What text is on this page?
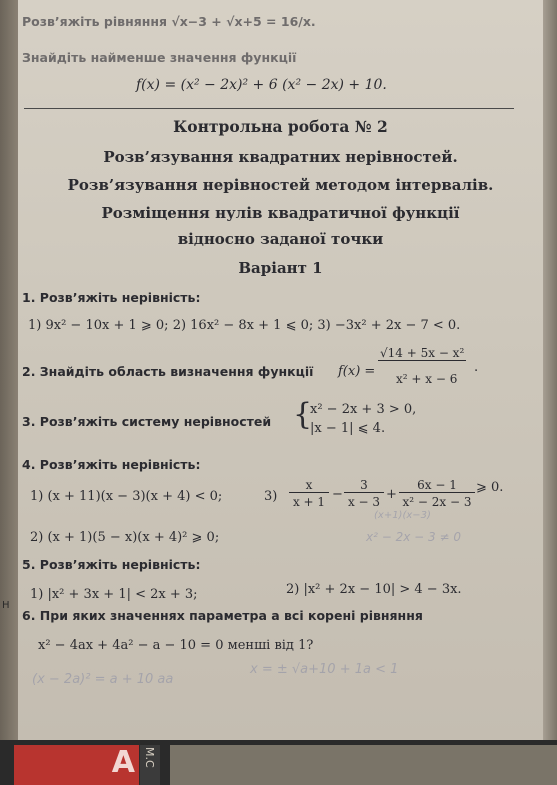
Н
Розв’яжіть рівняння √x−3 + √x+5 = 16/x.
Знайдіть найменше значення функції
f(x) = (x² − 2x)² + 6 (x² − 2x) + 10.
Контрольна робота № 2
Розв’язування квадратних нерівностей.
Розв’язування нерівностей методом інтервалів.
Розміщення нулів квадратичної функції
відносно заданої точки
Варіант 1
1. Розв’яжіть нерівність:
1) 9x² − 10x + 1 ⩾ 0; 2) 16x² − 8x + 1 ⩽ 0; 3) −3x² + 2x − 7 < 0.
2. Знайдіть область визначення функції f(x) =
√14 + 5x − x²
x² + x − 6
.
3. Розв’яжіть систему нерівностей {
x² − 2x + 3 > 0,
|x − 1| ⩽ 4.
4. Розв’яжіть нерівність:
1) (x + 11)(x − 3)(x + 4) < 0;	3)
x
x + 1 −
3
x − 3 +
6x − 1
x² − 2x − 3
⩾ 0.
(x+1)(x−3)
2) (x + 1)(5 − x)(x + 4)² ⩾ 0;	x² − 2x − 3 ≠ 0
5. Розв’яжіть нерівність:
1) |x² + 3x + 1| < 2x + 3;	2) |x² + 2x − 10| > 4 − 3x.
6. При яких значеннях параметра a всі корені рівняння
x² − 4ax + 4a² − a − 10 = 0 менші від 1?
(x − 2a)² = a + 10 aa
x = ± √a+10 + 1a < 1
А М.С
